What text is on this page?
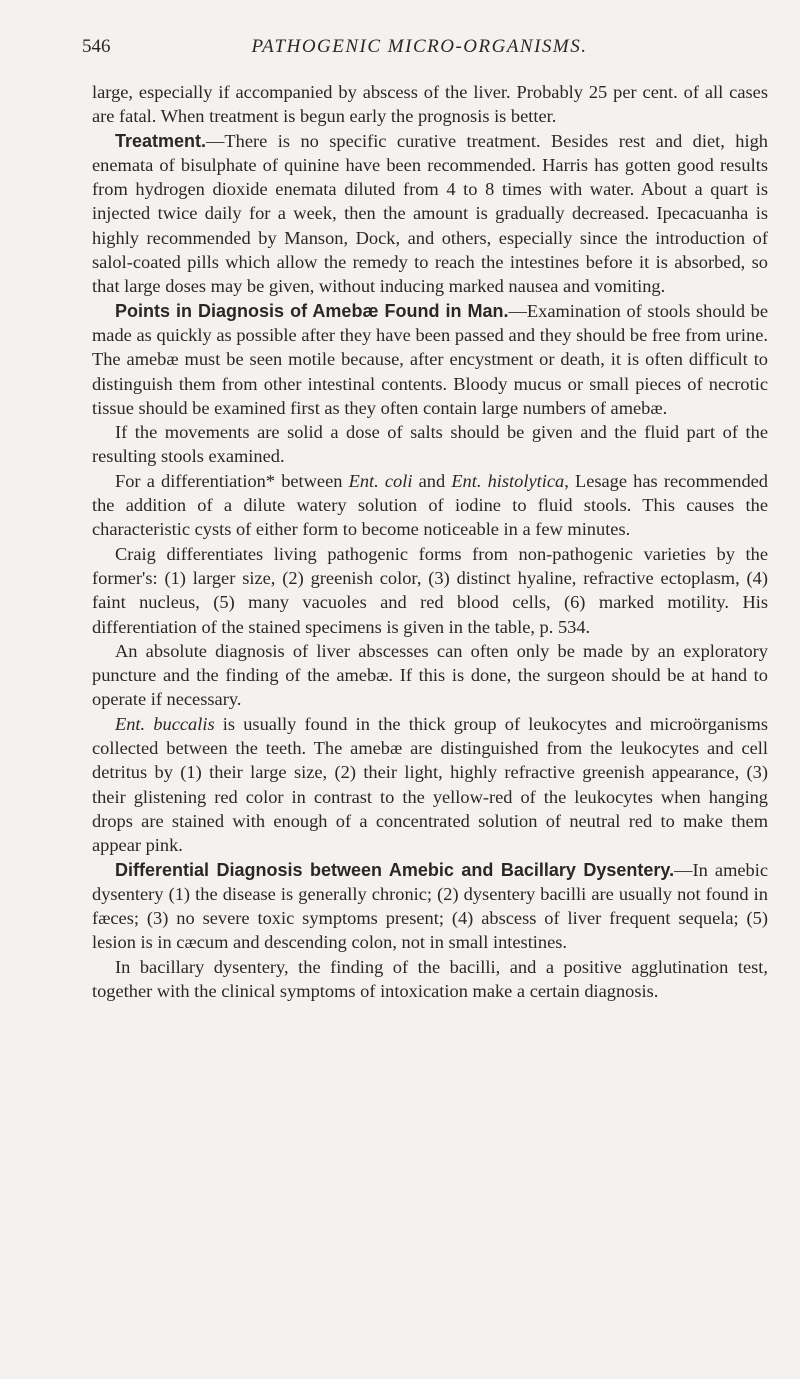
546	PATHOGENIC MICRO-ORGANISMS.

large, especially if accompanied by abscess of the liver. Probably 25 per cent. of all cases are fatal. When treatment is begun early the prognosis is better.

Treatment.—There is no specific curative treatment. Besides rest and diet, high enemata of bisulphate of quinine have been recommended. Harris has gotten good results from hydrogen dioxide enemata diluted from 4 to 8 times with water. About a quart is injected twice daily for a week, then the amount is gradually decreased. Ipecacuanha is highly recommended by Manson, Dock, and others, especially since the introduction of salol-coated pills which allow the remedy to reach the intestines before it is absorbed, so that large doses may be given, without inducing marked nausea and vomiting.

Points in Diagnosis of Amebæ Found in Man.—Examination of stools should be made as quickly as possible after they have been passed and they should be free from urine. The amebæ must be seen motile because, after encystment or death, it is often difficult to distinguish them from other intestinal contents. Bloody mucus or small pieces of necrotic tissue should be examined first as they often contain large numbers of amebæ.

If the movements are solid a dose of salts should be given and the fluid part of the resulting stools examined.

For a differentiation* between Ent. coli and Ent. histolytica, Lesage has recommended the addition of a dilute watery solution of iodine to fluid stools. This causes the characteristic cysts of either form to become noticeable in a few minutes.

Craig differentiates living pathogenic forms from non-pathogenic varieties by the former's: (1) larger size, (2) greenish color, (3) distinct hyaline, refractive ectoplasm, (4) faint nucleus, (5) many vacuoles and red blood cells, (6) marked motility. His differentiation of the stained specimens is given in the table, p. 534.

An absolute diagnosis of liver abscesses can often only be made by an exploratory puncture and the finding of the amebæ. If this is done, the surgeon should be at hand to operate if necessary.

Ent. buccalis is usually found in the thick group of leukocytes and microörganisms collected between the teeth. The amebæ are distinguished from the leukocytes and cell detritus by (1) their large size, (2) their light, highly refractive greenish appearance, (3) their glistening red color in contrast to the yellow-red of the leukocytes when hanging drops are stained with enough of a concentrated solution of neutral red to make them appear pink.

Differential Diagnosis between Amebic and Bacillary Dysentery.—In amebic dysentery (1) the disease is generally chronic; (2) dysentery bacilli are usually not found in fæces; (3) no severe toxic symptoms present; (4) abscess of liver frequent sequela; (5) lesion is in cæcum and descending colon, not in small intestines.

In bacillary dysentery, the finding of the bacilli, and a positive agglutination test, together with the clinical symptoms of intoxication make a certain diagnosis.
